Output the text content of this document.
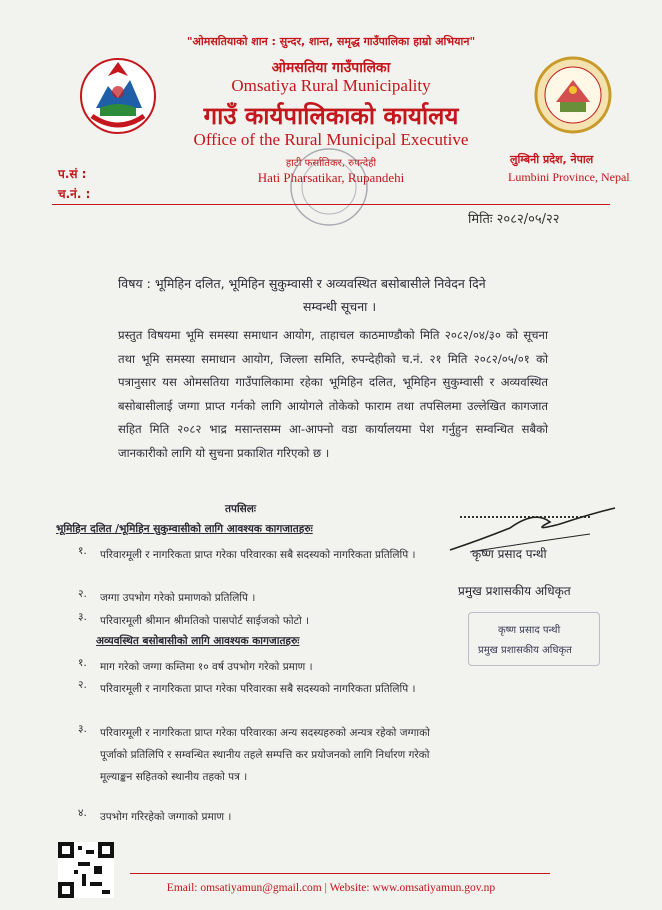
"ओमसतियाको शान : सुन्दर, शान्त, समृद्ध गाउँपालिका हाम्रो अभियान"
ओमसतिया गाउँपालिका
Omsatiya Rural Municipality
गाउँ कार्यपालिकाको कार्यालय
Office of the Rural Municipal Executive
हाटी फर्सातिकर, रुपन्देही
Hati Pharsatikar, Rupandehi
लुम्बिनी प्रदेश, नेपाल
Lumbini Province, Nepal
प.सं :
च.नं. :
मितिः २०८२/०५/२२
विषय : भूमिहिन दलित, भूमिहिन सुकुम्वासी र अव्यवस्थित बसोबासीले निवेदन दिने
सम्वन्धी सूचना ।
प्रस्तुत विषयमा भूमि समस्या समाधान आयोग, ताहाचल काठमाण्डौको मिति २०८२/०४/३० को सूचना तथा भूमि समस्या समाधान आयोग, जिल्ला समिति, रुपन्देहीको च.नं. २१ मिति २०८२/०५/०१ को पत्रानुसार यस ओमसतिया गाउँपालिकामा रहेका भूमिहिन दलित, भूमिहिन सुकुम्वासी र अव्यवस्थित बसोबासीलाई जग्गा प्राप्त गर्नको लागि आयोगले तोकेको फाराम तथा तपसिलमा उल्लेखित कागजात सहित मिति २०८२ भाद्र मसान्तसम्म आ-आफ्नो वडा कार्यालयमा पेश गर्नुहुन सम्वन्धित सबैको जानकारीको लागि यो सुचना प्रकाशित गरिएको छ ।
तपसिलः
भूमिहिन दलित /भूमिहिन सुकुम्वासीको लागि आवश्यक कागजातहरुः
१. परिवारमूली र नागरिकता प्राप्त गरेका परिवारका सबै सदस्यको नागरिकता प्रतिलिपि ।
२. जग्गा उपभोग गरेको प्रमाणको प्रतिलिपि ।
३. परिवारमूली श्रीमान श्रीमतिको पासपोर्ट साईजको फोटो ।
अव्यवस्थित बसोबासीको लागि आवश्यक कागजातहरुः
१. माग गरेको जग्गा कम्तिमा १० वर्ष उपभोग गरेको प्रमाण ।
२. परिवारमूली र नागरिकता प्राप्त गरेका परिवारका सबै सदस्यको नागरिकता प्रतिलिपि ।
३. परिवारमूली र नागरिकता प्राप्त गरेका परिवारका अन्य सदस्यहरुको अन्यत्र रहेको जग्गाको पूर्जाको प्रतिलिपि र सम्वन्धित स्थानीय तहले सम्पत्ति कर प्रयोजनको लागि निर्धारण गरेको मूल्याङ्कन सहितको स्थानीय तहको पत्र ।
४. उपभोग गरिरहेको जग्गाको प्रमाण ।
कृष्ण प्रसाद पन्थी
प्रमुख प्रशासकीय अधिकृत
कृष्ण प्रसाद पन्थी
प्रमुख प्रशासकीय अधिकृत
Email: omsatiyamun@gmail.com | Website: www.omsatiyamun.gov.np
